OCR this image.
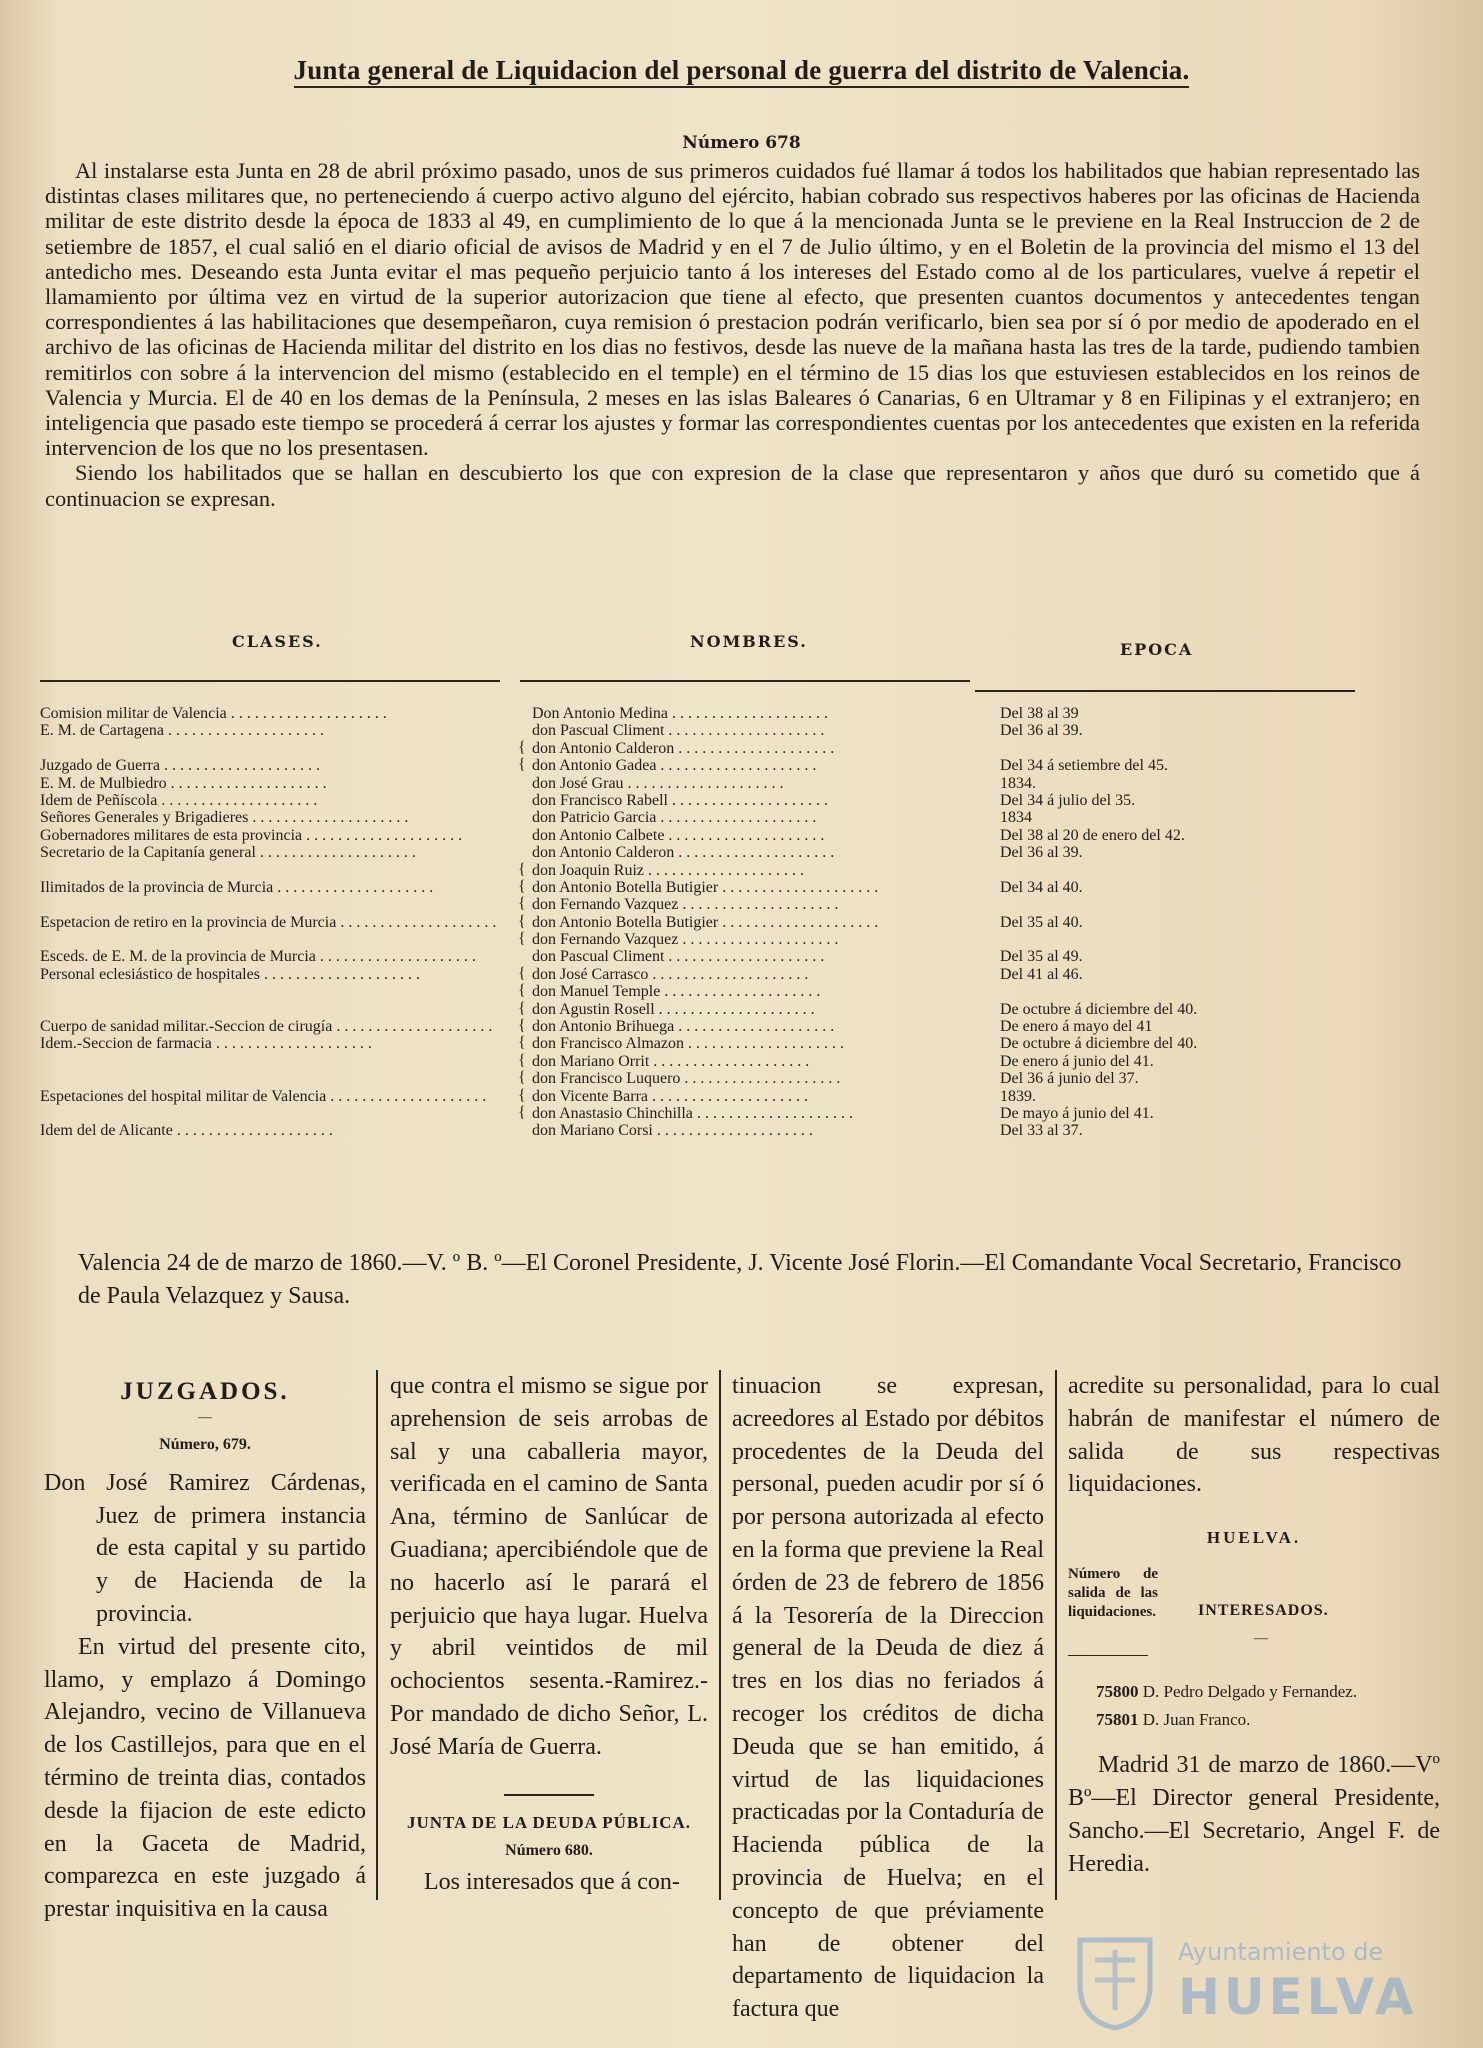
Junta general de Liquidacion del personal de guerra del distrito de Valencia.
Número 678

Al instalarse esta Junta en 28 de abril próximo pasado, unos de sus primeros cuidados fué llamar á todos los habilitados que habian representado las distintas clases militares que, no perteneciendo á cuerpo activo alguno del ejército, habian cobrado sus respectivos haberes por las oficinas de Hacienda militar de este distrito desde la época de 1833 al 49, en cumplimiento de lo que á la mencionada Junta se le previene en la Real Instruccion de 2 de setiembre de 1857, el cual salió en el diario oficial de avisos de Madrid y en el 7 de Julio último, y en el Boletin de la provincia del mismo el 13 del antedicho mes. Deseando esta Junta evitar el mas pequeño perjuicio tanto á los intereses del Estado como al de los particulares, vuelve á repetir el llamamiento por última vez en virtud de la superior autorizacion que tiene al efecto, que presenten cuantos documentos y antecedentes tengan correspondientes á las habilitaciones que desempeñaron, cuya remision ó prestacion podrán verificarlo, bien sea por sí ó por medio de apoderado en el archivo de las oficinas de Hacienda militar del distrito en los dias no festivos, desde las nueve de la mañana hasta las tres de la tarde, pudiendo tambien remitirlos con sobre á la intervencion del mismo (establecido en el temple) en el término de 15 dias los que estuviesen establecidos en los reinos de Valencia y Murcia. El de 40 en los demas de la Península, 2 meses en las islas Baleares ó Canarias, 6 en Ultramar y 8 en Filipinas y el extranjero; en inteligencia que pasado este tiempo se procederá á cerrar los ajustes y formar las correspondientes cuentas por los antecedentes que existen en la referida intervencion de los que no los presentasen.

Siendo los habilitados que se hallan en descubierto los que con expresion de la clase que representaron y años que duró su cometido que á continuacion se expresan.

CLASES.	NOMBRES.	EPOCA
Comision militar de Valencia . . . . . . . . . . . . . . . . . . . .	Don Antonio Medina . . . . . . . . . . . . . . . . . . . .	Del 38 al 39
E. M. de Cartagena . . . . . . . . . . . . . . . . . . . .	don Pascual Climent . . . . . . . . . . . . . . . . . . . .	Del 36 al 39.
{ don Antonio Calderon . . . . . . . . . . . . . . . . . . . .
Juzgado de Guerra . . . . . . . . . . . . . . . . . . . .	{ don Antonio Gadea . . . . . . . . . . . . . . . . . . . .	Del 34 á setiembre del 45.
E. M. de Mulbiedro . . . . . . . . . . . . . . . . . . . .	don José Grau . . . . . . . . . . . . . . . . . . . .	1834.
Idem de Peñíscola . . . . . . . . . . . . . . . . . . . .	don Francisco Rabell . . . . . . . . . . . . . . . . . . . .	Del 34 á julio del 35.
Señores Generales y Brigadieres . . . . . . . . . . . . . . . . . . . .	don Patricio Garcia . . . . . . . . . . . . . . . . . . . .	1834
Gobernadores militares de esta provincia . . . . . . . . . . . . . . . . . . . .	don Antonio Calbete . . . . . . . . . . . . . . . . . . . .	Del 38 al 20 de enero del 42.
Secretario de la Capitanía general . . . . . . . . . . . . . . . . . . . .	don Antonio Calderon . . . . . . . . . . . . . . . . . . . .	Del 36 al 39.
{ don Joaquin Ruiz . . . . . . . . . . . . . . . . . . . .
Ilimitados de la provincia de Murcia . . . . . . . . . . . . . . . . . . . .	{ don Antonio Botella Butigier . . . . . . . . . . . . . . . . . . . .	Del 34 al 40.
{ don Fernando Vazquez . . . . . . . . . . . . . . . . . . . .
Espetacion de retiro en la provincia de Murcia . . . . . . . . . . . . . . . . . . . .	{ don Antonio Botella Butigier . . . . . . . . . . . . . . . . . . . .	Del 35 al 40.
{ don Fernando Vazquez . . . . . . . . . . . . . . . . . . . .
Esceds. de E. M. de la provincia de Murcia . . . . . . . . . . . . . . . . . . . .	don Pascual Climent . . . . . . . . . . . . . . . . . . . .	Del 35 al 49.
Personal eclesiástico de hospitales . . . . . . . . . . . . . . . . . . . .	{ don José Carrasco . . . . . . . . . . . . . . . . . . . .	Del 41 al 46.
{ don Manuel Temple . . . . . . . . . . . . . . . . . . . .
{ don Agustin Rosell . . . . . . . . . . . . . . . . . . . .	De octubre á diciembre del 40.
Cuerpo de sanidad militar.-Seccion de cirugía . . . . . . . . . . . . . . . . . . . .	{ don Antonio Brihuega . . . . . . . . . . . . . . . . . . . .	De enero á mayo del 41
Idem.-Seccion de farmacia . . . . . . . . . . . . . . . . . . . .	{ don Francisco Almazon . . . . . . . . . . . . . . . . . . . .	De octubre á diciembre del 40.
{ don Mariano Orrit . . . . . . . . . . . . . . . . . . . .	De enero á junio del 41.
{ don Francisco Luquero . . . . . . . . . . . . . . . . . . . .	Del 36 á junio del 37.
Espetaciones del hospital militar de Valencia . . . . . . . . . . . . . . . . . . . .	{ don Vicente Barra . . . . . . . . . . . . . . . . . . . .	1839.
{ don Anastasio Chinchilla . . . . . . . . . . . . . . . . . . . .	De mayo á junio del 41.
Idem del de Alicante . . . . . . . . . . . . . . . . . . . .	don Mariano Corsi . . . . . . . . . . . . . . . . . . . .	Del 33 al 37.
Valencia 24 de de marzo de 1860.—V. º B. º—El Coronel Presidente, J. Vicente José Florin.—El Comandante Vocal Secretario, Francisco de Paula Velazquez y Sausa.

JUZGADOS.

—

Número, 679.

Don José Ramirez Cárdenas, Juez de primera instancia de esta capital y su partido y de Hacienda de la provincia.

En virtud del presente cito, llamo, y emplazo á Domingo Alejandro, vecino de Villanueva de los Castillejos, para que en el término de treinta dias, contados desde la fijacion de este edicto en la Gaceta de Madrid, comparezca en este juzgado á prestar inquisitiva en la causa

que contra el mismo se sigue por aprehension de seis arrobas de sal y una caballeria mayor, verificada en el camino de Santa Ana, término de Sanlúcar de Guadiana; apercibiéndole que de no hacerlo así le parará el perjuicio que haya lugar. Huelva y abril veintidos de mil ochocientos sesenta.-Ramirez.-Por mandado de dicho Señor, L. José María de Guerra.

JUNTA DE LA DEUDA PÚBLICA.

Número 680.

Los interesados que á con-

tinuacion se expresan, acreedores al Estado por débitos procedentes de la Deuda del personal, pueden acudir por sí ó por persona autorizada al efecto en la forma que previene la Real órden de 23 de febrero de 1856 á la Tesorería de la Direccion general de la Deuda de diez á tres en los dias no feriados á recoger los créditos de dicha Deuda que se han emitido, á virtud de las liquidaciones practicadas por la Contaduría de Hacienda pública de la provincia de Huelva; en el concepto de que préviamente han de obtener del departamento de liquidacion la factura que

acredite su personalidad, para lo cual habrán de manifestar el número de salida de sus respectivas liquidaciones.

HUELVA.

Número de salida de las liquidaciones.	INTERESADOS.
—
75800 D. Pedro Delgado y Fernandez.
75801 D. Juan Franco.

Madrid 31 de marzo de 1860.—Vº Bº—El Director general Presidente, Sancho.—El Secretario, Angel F. de Heredia.

Ayuntamiento de
HUELVA
